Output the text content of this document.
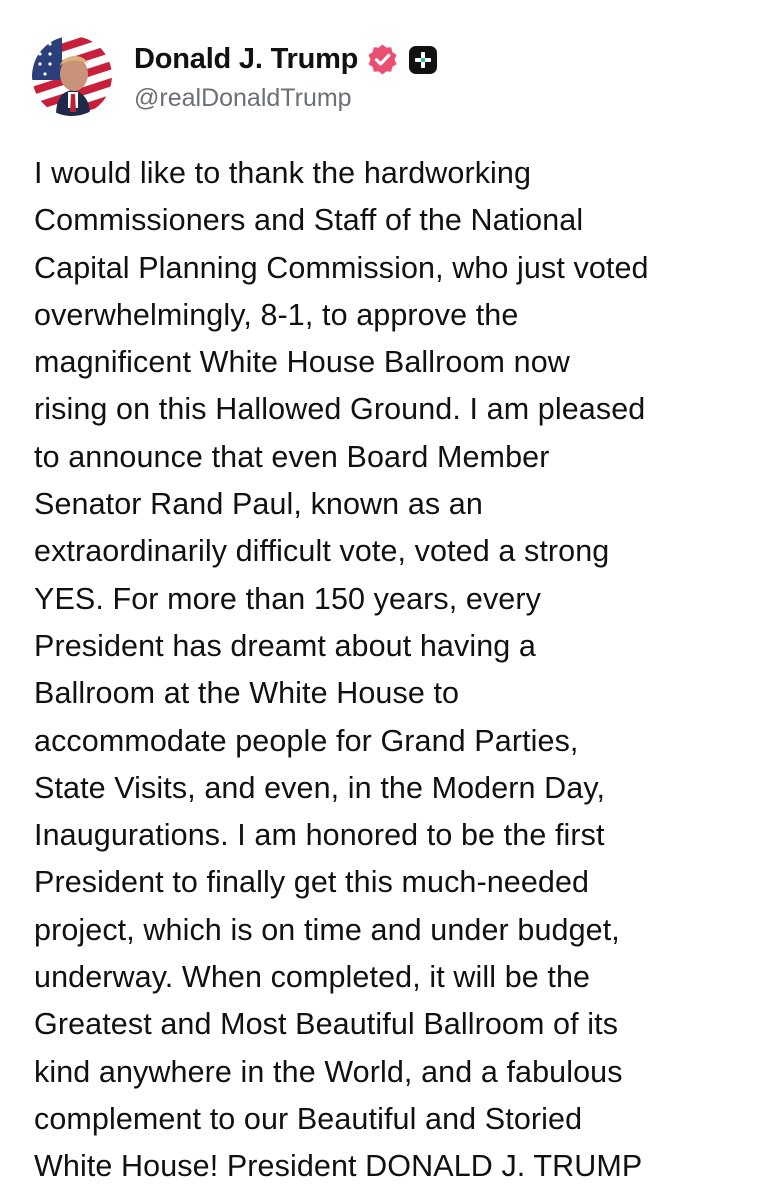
Donald J. Trump
@realDonaldTrump

I would like to thank the hardworking
Commissioners and Staff of the National
Capital Planning Commission, who just voted
overwhelmingly, 8-1, to approve the
magnificent White House Ballroom now
rising on this Hallowed Ground. I am pleased
to announce that even Board Member
Senator Rand Paul, known as an
extraordinarily difficult vote, voted a strong
YES. For more than 150 years, every
President has dreamt about having a
Ballroom at the White House to
accommodate people for Grand Parties,
State Visits, and even, in the Modern Day,
Inaugurations. I am honored to be the first
President to finally get this much-needed
project, which is on time and under budget,
underway. When completed, it will be the
Greatest and Most Beautiful Ballroom of its
kind anywhere in the World, and a fabulous
complement to our Beautiful and Storied
White House! President DONALD J. TRUMP
